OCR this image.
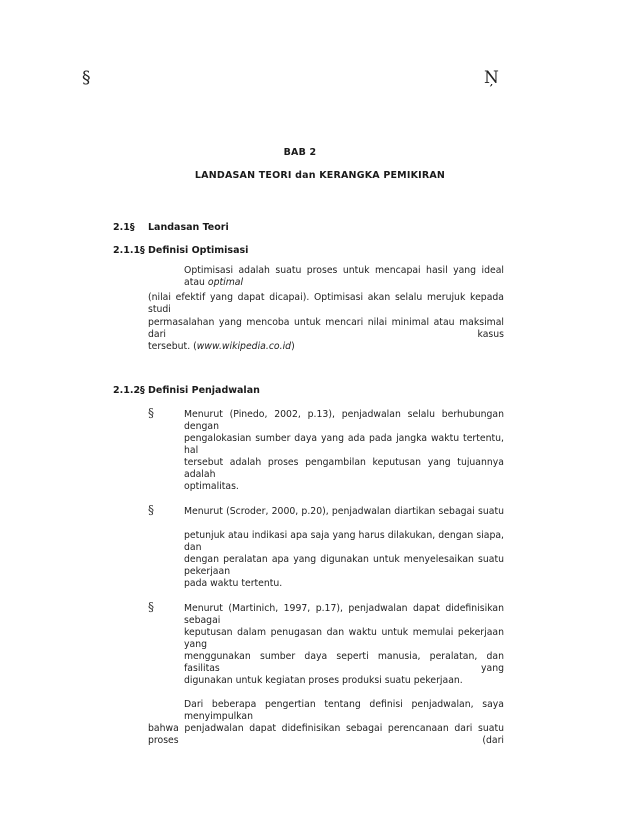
§	Ņ
BAB 2
LANDASAN TEORI dan KERANGKA PEMIKIRAN
2.1§ Landasan Teori
2.1.1§ Definisi Optimisasi
Optimisasi adalah suatu proses untuk mencapai hasil yang ideal atau optimal
(nilai efektif yang dapat dicapai). Optimisasi akan selalu merujuk kepada studi
permasalahan yang mencoba untuk mencari nilai minimal atau maksimal dari kasus
tersebut. (www.wikipedia.co.id)
2.1.2§ Definisi Penjadwalan
§	Menurut (Pinedo, 2002, p.13), penjadwalan selalu berhubungan dengan
pengalokasian sumber daya yang ada pada jangka waktu tertentu, hal
tersebut adalah proses pengambilan keputusan yang tujuannya adalah
optimalitas.
§	Menurut (Scroder, 2000, p.20), penjadwalan diartikan sebagai suatu
petunjuk atau indikasi apa saja yang harus dilakukan, dengan siapa, dan
dengan peralatan apa yang digunakan untuk menyelesaikan suatu pekerjaan
pada waktu tertentu.
§	Menurut (Martinich, 1997, p.17), penjadwalan dapat didefinisikan sebagai
keputusan dalam penugasan dan waktu untuk memulai pekerjaan yang
menggunakan sumber daya seperti manusia, peralatan, dan fasilitas yang
digunakan untuk kegiatan proses produksi suatu pekerjaan.
Dari beberapa pengertian tentang definisi penjadwalan, saya menyimpulkan
bahwa penjadwalan dapat didefinisikan sebagai perencanaan dari suatu proses (dari
